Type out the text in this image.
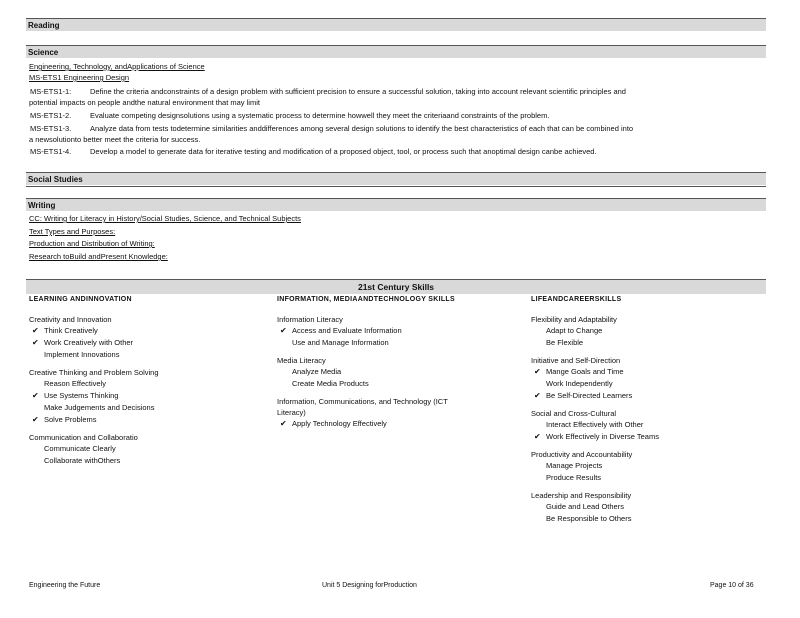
Reading
Science
Engineering, Technology, andApplications of Science
MS-ETS1 Engineering Design
MS-ETS1-1: Define the criteria andconstraints of a design problem with sufficient precision to ensure a successful solution, taking into account relevant scientific principles and
potential impacts on people andthe natural environment that may limit
MS-ETS1-2. Evaluate competing designsolutions using a systematic process to determine howwell they meet the criteriaand constraints of the problem.
MS-ETS1-3. Analyze data from tests todetermine similarities anddifferences among several design solutions to identify the best characteristics of each that can be combined into
a newsolutionto better meet the criteria for success.
MS-ETS1-4. Develop a model to generate data for iterative testing and modification of a proposed object, tool, or process such that anoptimal design canbe achieved.
Social Studies
Writing
CC: Writing for Literacy in History/Social Studies, Science, and Technical Subjects
Text Types and Purposes:
Production and Distribution of Writing:
Research toBuild andPresent Knowledge:
21st Century Skills
LEARNING ANDINNOVATION
Creativity and Innovation
✔ Think Creatively
✔ Work Creatively with Other
Implement Innovations
Creative Thinking and Problem Solving
Reason Effectively
✔ Use Systems Thinking
Make Judgements and Decisions
✔ Solve Problems
Communication and Collaboratio
Communicate Clearly
Collaborate withOthers
INFORMATION, MEDIAANDTECHNOLOGY SKILLS
Information Literacy
✔ Access and Evaluate Information
Use and Manage Information
Media Literacy
Analyze Media
Create Media Products
Information, Communications, and Technology (ICT Literacy)
✔ Apply Technology Effectively
LIFEANDCAREERSKILLS
Flexibility and Adaptability
Adapt to Change
Be Flexible
Initiative and Self-Direction
✔ Mange Goals and Time
Work Independently
✔ Be Self-Directed Learners
Social and Cross-Cultural
Interact Effectively with Other
✔ Work Effectively in Diverse Teams
Productivity and Accountability
Manage Projects
Produce Results
Leadership and Responsibility
Guide and Lead Others
Be Responsible to Others
Engineering the Future	Unit 5 Designing forProduction	Page 10 of 36
